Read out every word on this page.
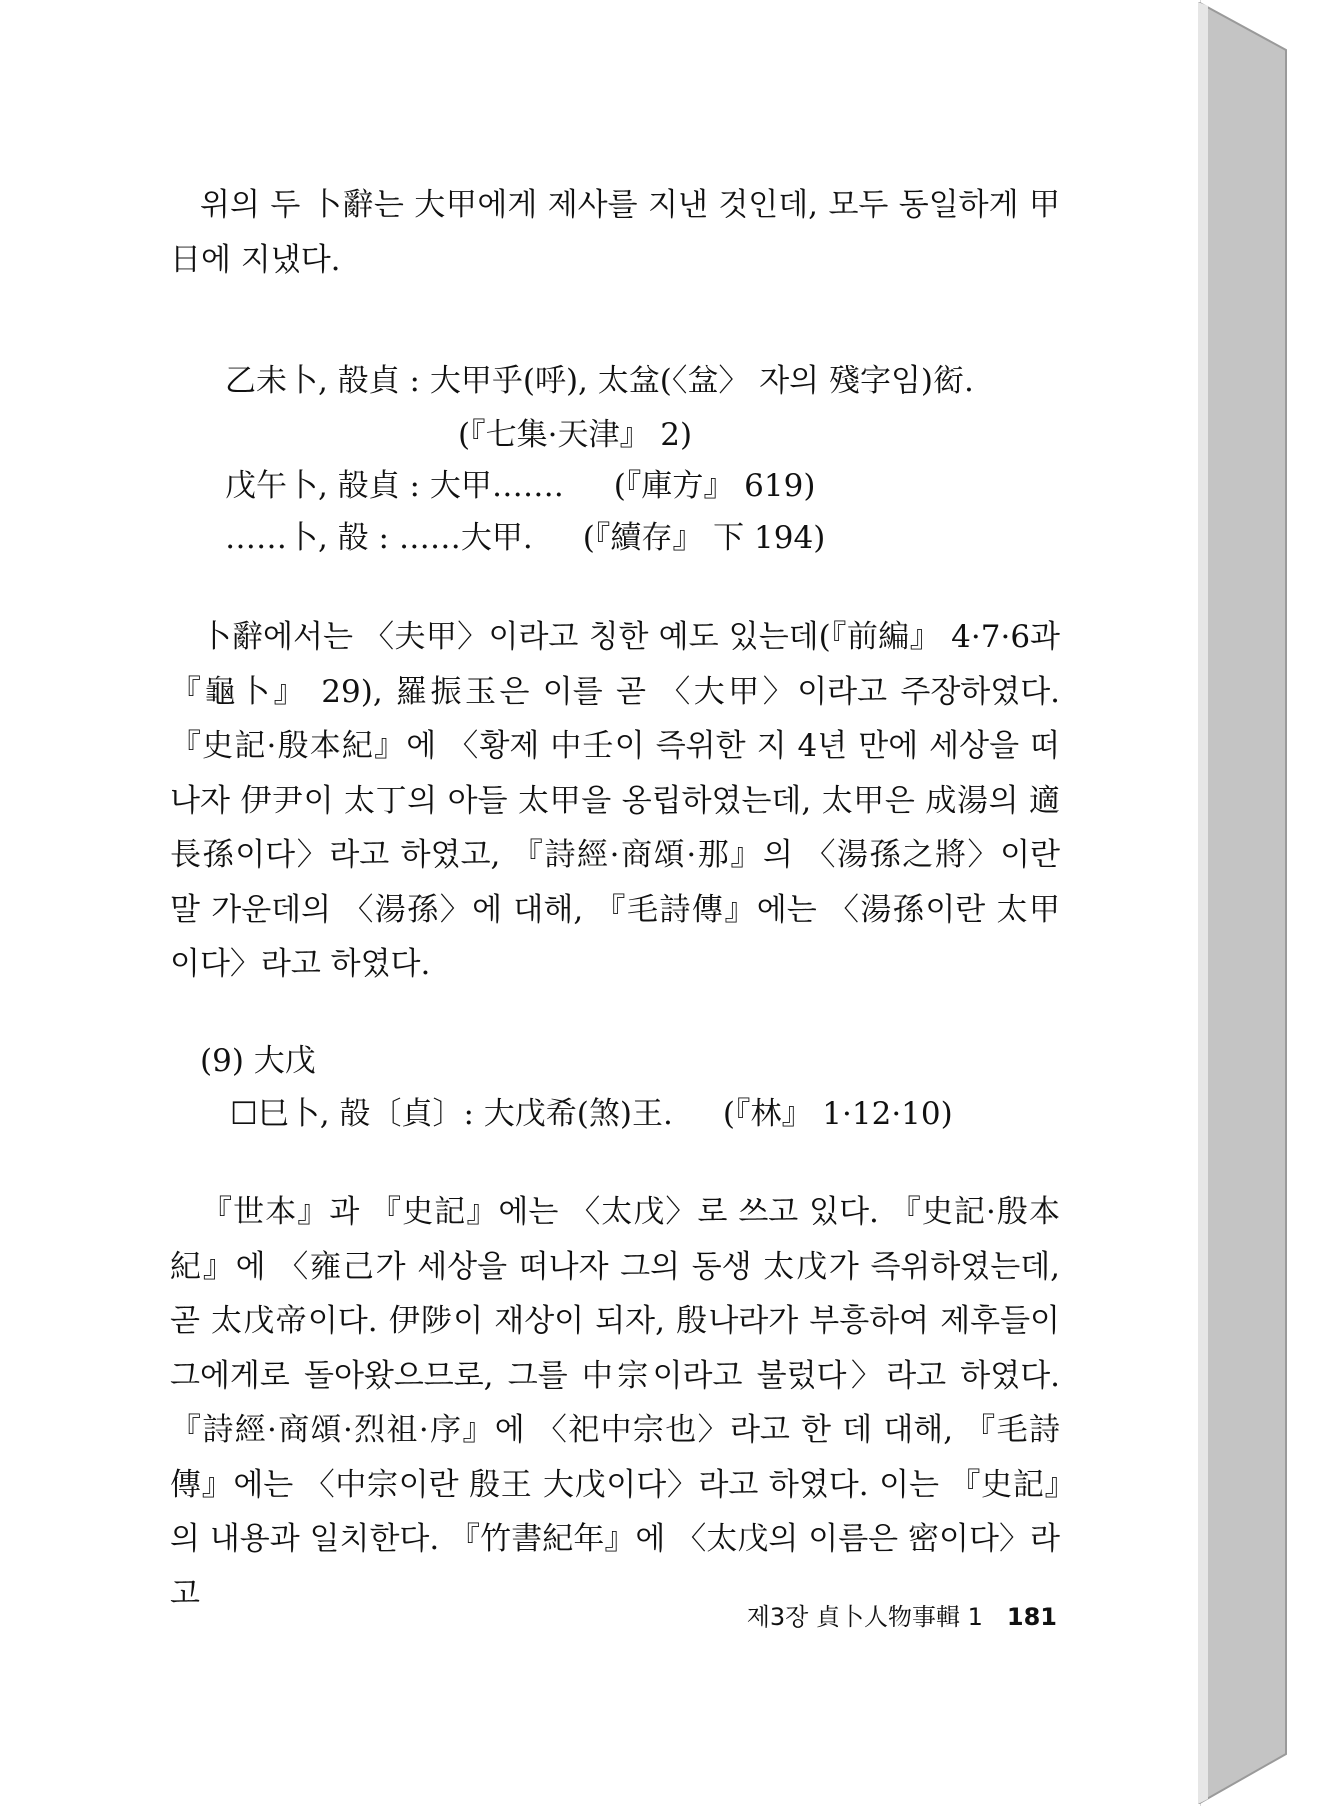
위의 두 卜辭는 大甲에게 제사를 지낸 것인데, 모두 동일하게 甲日에 지냈다.
乙未卜, 㱿貞 : 大甲乎(呼), 太㿽(〈㿽〉 자의 殘字임)衒.
(『七集·天津』 2)
戊午卜, 㱿貞 : 大甲……. (『庫方』 619)
……卜, 㱿 : ……大甲. (『續存』 下 194)
卜辭에서는 〈夫甲〉이라고 칭한 예도 있는데(『前編』 4·7·6과 『龜卜』 29), 羅振玉은 이를 곧 〈大甲〉이라고 주장하였다. 『史記·殷本紀』에 〈황제 中壬이 즉위한 지 4년 만에 세상을 떠나자 伊尹이 太丁의 아들 太甲을 옹립하였는데, 太甲은 成湯의 適長孫이다〉라고 하였고, 『詩經·商頌·那』의 〈湯孫之將〉이란 말 가운데의 〈湯孫〉에 대해, 『毛詩傳』에는 〈湯孫이란 太甲이다〉라고 하였다.
(9) 大戊
☐巳卜, 㱿〔貞〕: 大戊希(煞)王. (『林』 1·12·10)
『世本』과 『史記』에는 〈太戊〉로 쓰고 있다. 『史記·殷本紀』에 〈雍己가 세상을 떠나자 그의 동생 太戊가 즉위하였는데, 곧 太戊帝이다. 伊陟이 재상이 되자, 殷나라가 부흥하여 제후들이 그에게로 돌아왔으므로, 그를 中宗이라고 불렀다〉라고 하였다. 『詩經·商頌·烈祖·序』에 〈祀中宗也〉라고 한 데 대해, 『毛詩傳』에는 〈中宗이란 殷王 大戊이다〉라고 하였다. 이는 『史記』의 내용과 일치한다. 『竹書紀年』에 〈太戊의 이름은 密이다〉라고
제3장 貞卜人物事輯 1 181
